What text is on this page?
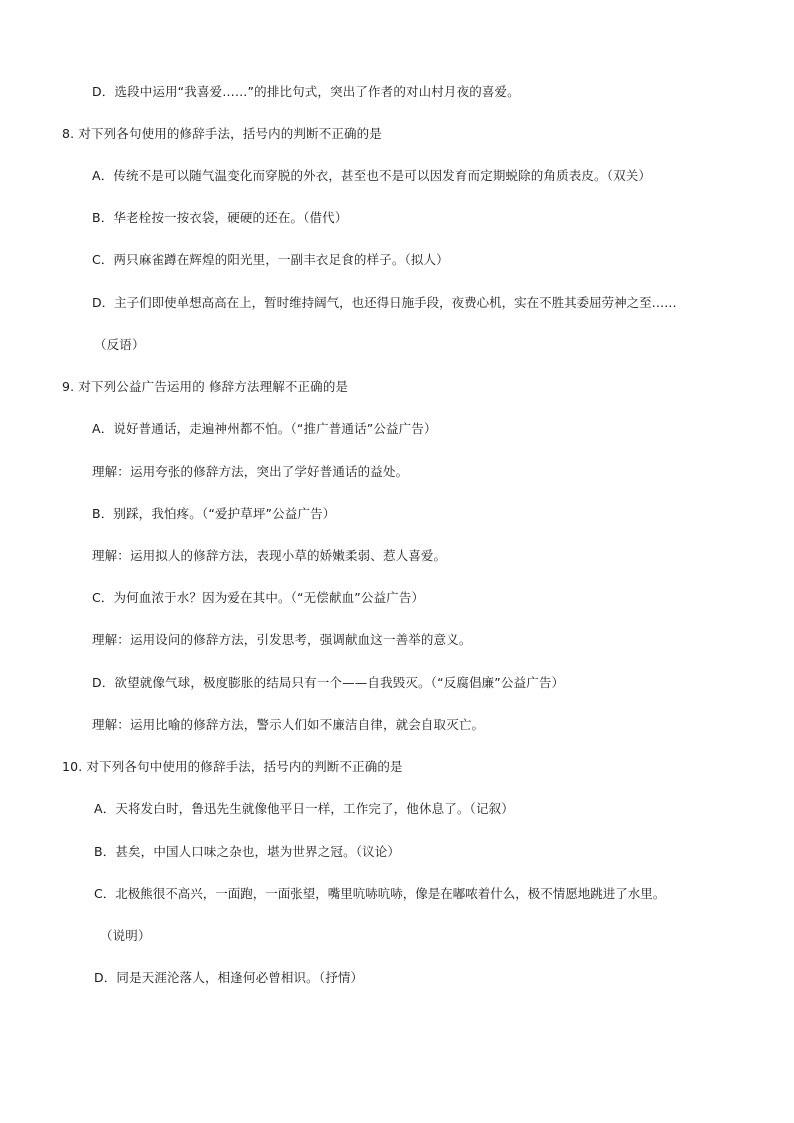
D．选段中运用“我喜爱……”的排比句式，突出了作者的对山村月夜的喜爱。
8. 对下列各句使用的修辞手法，括号内的判断不正确的是
A．传统不是可以随气温变化而穿脱的外衣，甚至也不是可以因发育而定期蜕除的角质表皮。（双关）
B．华老栓按一按衣袋，硬硬的还在。（借代）
C．两只麻雀蹲在辉煌的阳光里，一副丰衣足食的样子。（拟人）
D．主子们即使单想高高在上，暂时维持阔气，也还得日施手段，夜费心机，实在不胜其委屈劳神之至……
（反语）
9. 对下列公益广告运用的 修辞方法理解不正确的是
A．说好普通话，走遍神州都不怕。（“推广普通话”公益广告）
理解：运用夸张的修辞方法，突出了学好普通话的益处。
B．别踩，我怕疼。（“爱护草坪”公益广告）
理解：运用拟人的修辞方法，表现小草的娇嫩柔弱、惹人喜爱。
C．为何血浓于水？因为爱在其中。（“无偿献血”公益广告）
理解：运用设问的修辞方法，引发思考，强调献血这一善举的意义。
D．欲望就像气球，极度膨胀的结局只有一个——自我毁灭。（“反腐倡廉”公益广告）
理解：运用比喻的修辞方法，警示人们如不廉洁自律，就会自取灭亡。
10. 对下列各句中使用的修辞手法，括号内的判断不正确的是
A．天将发白时，鲁迅先生就像他平日一样，工作完了，他休息了。（记叙）
B．甚矣，中国人口味之杂也，堪为世界之冠。（议论）
C．北极熊很不高兴，一面跑，一面张望，嘴里吭哧吭哧，像是在嘟哝着什么，极不情愿地跳进了水里。
（说明）
D．同是天涯沦落人，相逢何必曾相识。（抒情）
